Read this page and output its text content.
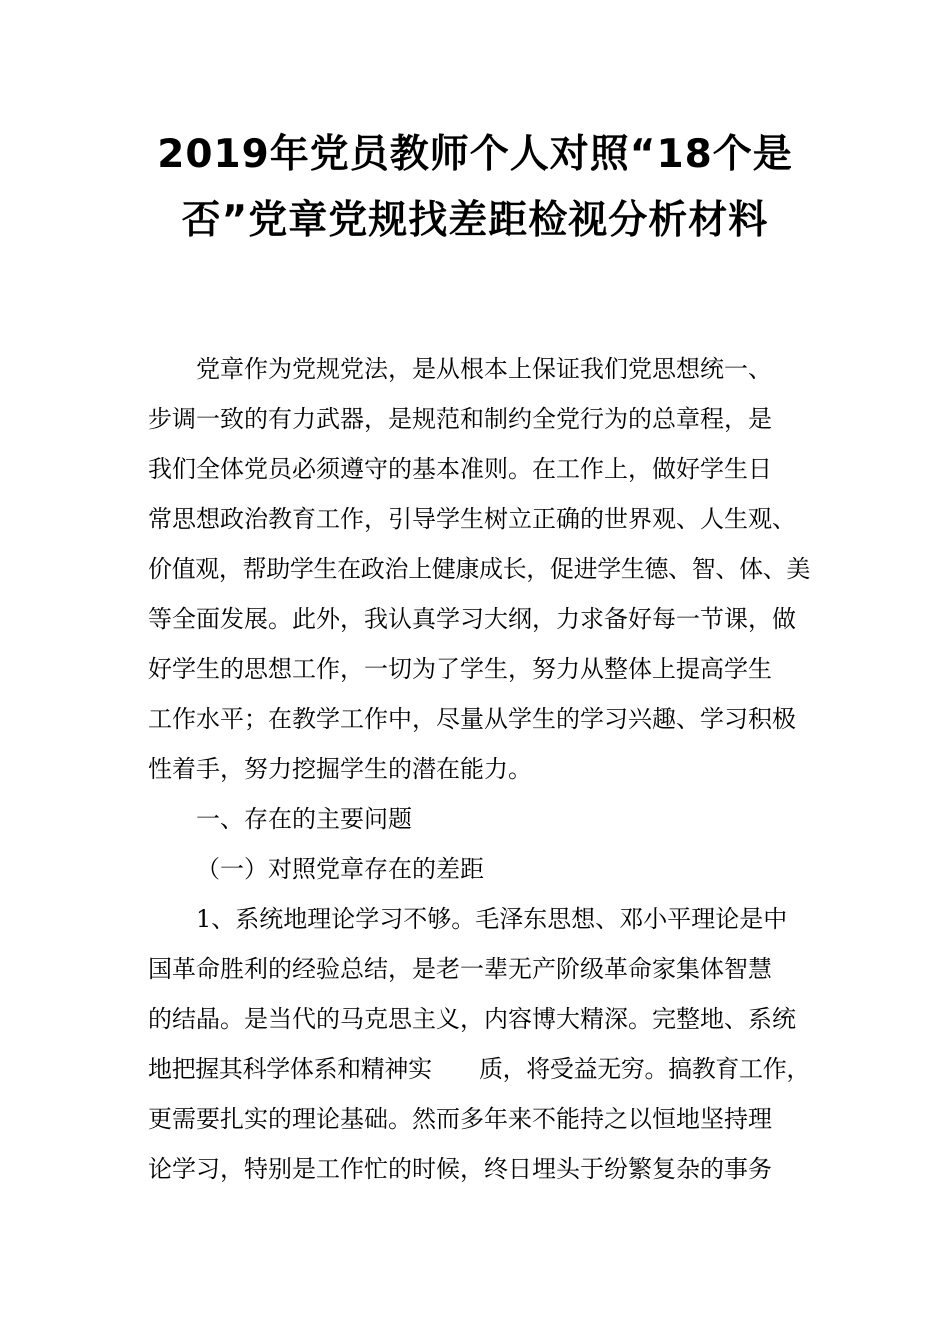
2019年党员教师个人对照“18个是
否”党章党规找差距检视分析材料
党章作为党规党法，是从根本上保证我们党思想统一、
步调一致的有力武器，是规范和制约全党行为的总章程，是
我们全体党员必须遵守的基本准则。在工作上，做好学生日
常思想政治教育工作，引导学生树立正确的世界观、人生观、
价值观，帮助学生在政治上健康成长，促进学生德、智、体、美
等全面发展。此外，我认真学习大纲，力求备好每一节课，做
好学生的思想工作，一切为了学生，努力从整体上提高学生
工作水平；在教学工作中，尽量从学生的学习兴趣、学习积极
性着手，努力挖掘学生的潜在能力。
一、存在的主要问题
（一）对照党章存在的差距
1、系统地理论学习不够。毛泽东思想、邓小平理论是中
国革命胜利的经验总结，是老一辈无产阶级革命家集体智慧
的结晶。是当代的马克思主义，内容博大精深。完整地、系统
地把握其科学体系和精神实　　质，将受益无穷。搞教育工作，
更需要扎实的理论基础。然而多年来不能持之以恒地坚持理
论学习，特别是工作忙的时候，终日埋头于纷繁复杂的事务
